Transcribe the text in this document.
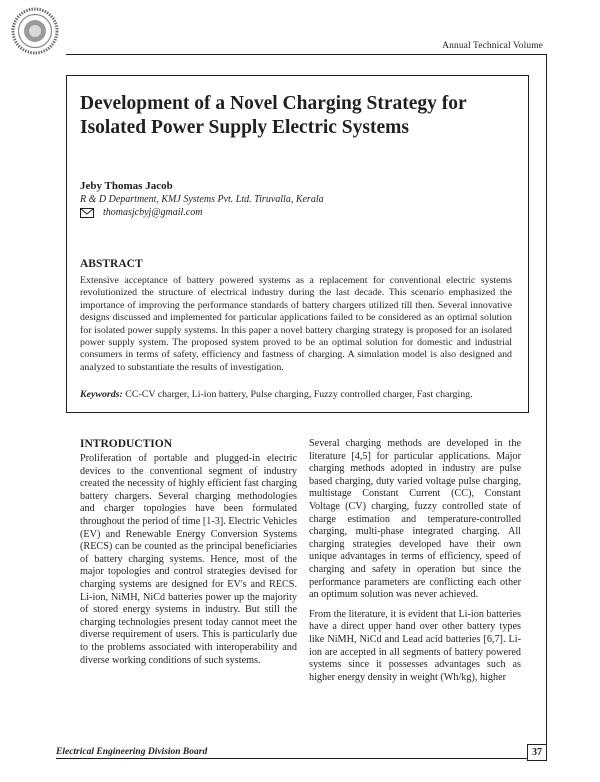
Annual Technical Volume
Development of a Novel Charging Strategy for Isolated Power Supply Electric Systems
Jeby Thomas Jacob
R & D Department, KMJ Systems Pvt. Ltd. Tiruvalla, Kerala
thomasjcbyj@gmail.com
ABSTRACT
Extensive acceptance of battery powered systems as a replacement for conventional electric systems revolutionized the structure of electrical industry during the last decade. This scenario emphasized the importance of improving the performance standards of battery chargers utilized till then. Several innovative designs discussed and implemented for particular applications failed to be considered as an optimal solution for isolated power supply systems. In this paper a novel battery charging strategy is proposed for an isolated power supply system. The proposed system proved to be an optimal solution for domestic and industrial consumers in terms of safety, efficiency and fastness of charging. A simulation model is also designed and analyzed to substantiate the results of investigation.
Keywords: CC-CV charger, Li-ion battery, Pulse charging, Fuzzy controlled charger, Fast charging.
INTRODUCTION

Proliferation of portable and plugged-in electric devices to the conventional segment of industry created the necessity of highly efficient fast charging battery chargers. Several charging methodologies and charger topologies have been formulated throughout the period of time [1-3]. Electric Vehicles (EV) and Renewable Energy Conversion Systems (RECS) can be counted as the principal beneficiaries of battery charging systems. Hence, most of the major topologies and control strategies devised for charging systems are designed for EV's and RECS. Li-ion, NiMH, NiCd batteries power up the majority of stored energy systems in industry. But still the charging technologies present today cannot meet the diverse requirement of users. This is particularly due to the problems associated with interoperability and diverse working conditions of such systems.

Several charging methods are developed in the literature [4,5] for particular applications. Major charging methods adopted in industry are pulse based charging, duty varied voltage pulse charging, multistage Constant Current (CC), Constant Voltage (CV) charging, fuzzy controlled state of charge estimation and temperature-controlled charging, multi-phase integrated charging. All charging strategies developed have their own unique advantages in terms of efficiency, speed of charging and safety in operation but since the performance parameters are conflicting each other an optimum solution was never achieved.

From the literature, it is evident that Li-ion batteries have a direct upper hand over other battery types like NiMH, NiCd and Lead acid batteries [6,7]. Li-ion are accepted in all segments of battery powered systems since it possesses advantages such as higher energy density in weight (Wh/kg), higher

Electrical Engineering Division Board	37
